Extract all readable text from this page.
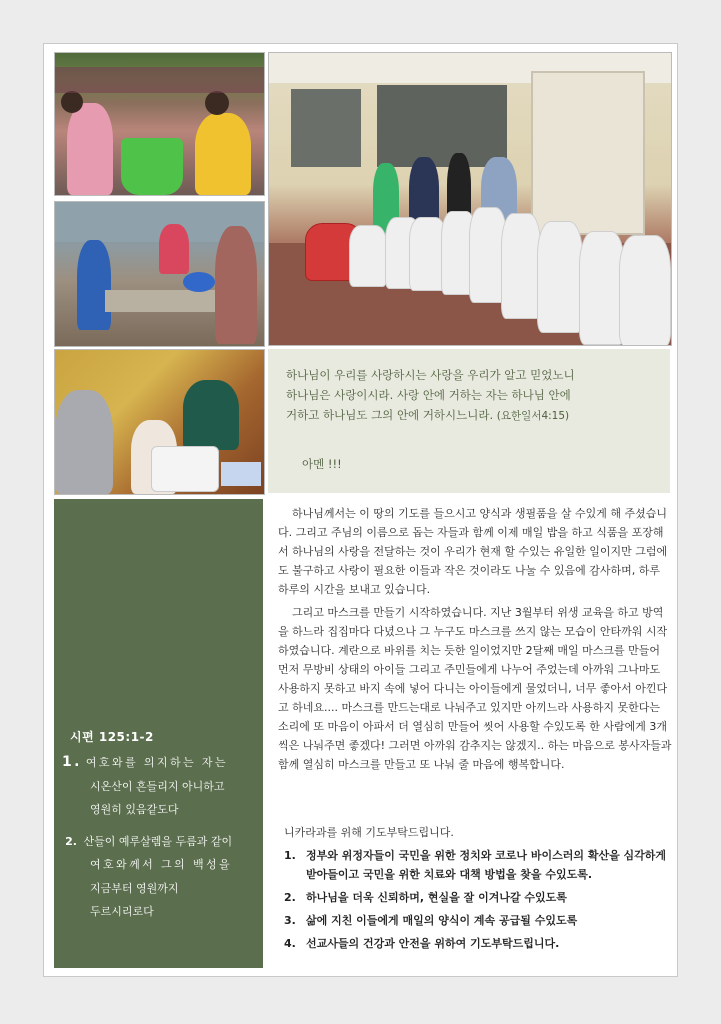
하나님이 우리를 사랑하시는 사랑을 우리가 알고 믿었노니
하나님은 사랑이시라. 사랑 안에 거하는 자는 하나님 안에
거하고 하나님도 그의 안에 거하시느니라. (요한일서4:15)
아멘 !!!
시편 125:1-2
1. 여호와를 의지하는 자는
시온산이 흔들리지 아니하고
영원히 있음같도다
2. 산들이 예루살렘을 두름과 같이
여호와께서 그의 백성을
지금부터 영원까지
두르시리로다

하나님께서는 이 땅의 기도를 들으시고 양식과 생필품을 살 수있게 해 주셨습니다. 그리고 주님의 이름으로 돕는 자들과 함께 이제 매일 밥을 하고 식품을 포장해서 하나님의 사랑을 전달하는 것이 우리가 현재 할 수있는 유일한 일이지만 그럼에도 불구하고 사랑이 필요한 이들과 작은 것이라도 나눌 수 있음에 감사하며, 하루 하루의 시간을 보내고 있습니다.

그리고 마스크를 만들기 시작하였습니다. 지난 3월부터 위생 교육을 하고 방역을 하느라 집집마다 다녔으나 그 누구도 마스크를 쓰지 않는 모습이 안타까워 시작하였습니다. 계란으로 바위를 치는 듯한 일이었지만 2달째 매일 마스크를 만들어 먼저 무방비 상태의 아이들 그리고 주민들에게 나누어 주었는데 아까워 그나마도 사용하지 못하고 바지 속에 넣어 다니는 아이들에게 물었더니, 너무 좋아서 아낀다고 하네요.... 마스크를 만드는대로 나눠주고 있지만 아끼느라 사용하지 못한다는 소리에 또 마음이 아파서 더 열심히 만들어 씻어 사용할 수있도록 한 사람에게 3개씩은 나눠주면 좋겠다! 그러면 아까워 감추지는 않겠지.. 하는 마음으로 봉사자들과 함께 열심히 마스크를 만들고 또 나눠 줄 마음에 행복합니다.

니카라과를 위해 기도부탁드립니다.
1. 정부와 위정자들이 국민을 위한 정치와 코로나 바이스러의 확산을 심각하게 받아들이고 국민을 위한 치료와 대책 방법을 찾을 수있도록.
2. 하나님을 더욱 신뢰하며, 현실을 잘 이겨나갈 수있도록
3. 삶에 지친 이들에게 매일의 양식이 계속 공급될 수있도록
4. 선교사들의 건강과 안전을 위하여 기도부탁드립니다.
